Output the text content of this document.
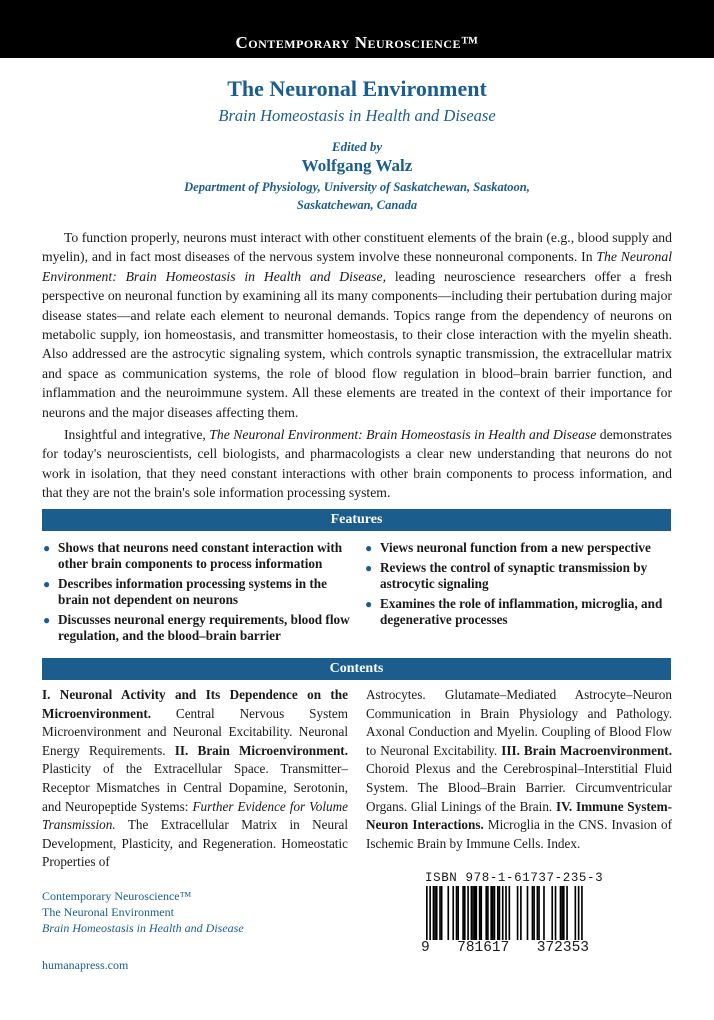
Contemporary Neuroscience™
The Neuronal Environment
Brain Homeostasis in Health and Disease
Edited by
Wolfgang Walz
Department of Physiology, University of Saskatchewan, Saskatoon,
Saskatchewan, Canada

To function properly, neurons must interact with other constituent elements of the brain (e.g., blood supply and myelin), and in fact most diseases of the nervous system involve these nonneuronal components. In The Neuronal Environment: Brain Homeostasis in Health and Disease, leading neuroscience researchers offer a fresh perspective on neuronal function by examining all its many components—including their pertubation during major disease states—and relate each element to neuronal demands. Topics range from the dependency of neurons on metabolic supply, ion homeostasis, and transmitter homeostasis, to their close interaction with the myelin sheath. Also addressed are the astrocytic signaling system, which controls synaptic transmission, the extracellular matrix and space as communication systems, the role of blood flow regulation in blood–brain barrier function, and inflammation and the neuroimmune system. All these elements are treated in the context of their importance for neurons and the major diseases affecting them.

Insightful and integrative, The Neuronal Environment: Brain Homeostasis in Health and Disease demonstrates for today's neuroscientists, cell biologists, and pharmacologists a clear new understanding that neurons do not work in isolation, that they need constant interactions with other brain components to process information, and that they are not the brain's sole information processing system.

Features
● Shows that neurons need constant interaction with other brain components to process information
● Describes information processing systems in the brain not dependent on neurons
● Discusses neuronal energy requirements, blood flow regulation, and the blood–brain barrier
● Views neuronal function from a new perspective
● Reviews the control of synaptic transmission by astrocytic signaling
● Examines the role of inflammation, microglia, and degenerative processes
Contents
I. Neuronal Activity and Its Dependence on the Microenvironment. Central Nervous System Microenvironment and Neuronal Excitability. Neuronal Energy Requirements. II. Brain Microenvironment. Plasticity of the Extracellular Space. Transmitter–Receptor Mismatches in Central Dopamine, Serotonin, and Neuropeptide Systems: Further Evidence for Volume Transmission. The Extracellular Matrix in Neural Development, Plasticity, and Regeneration. Homeostatic Properties of
Astrocytes. Glutamate–Mediated Astrocyte–Neuron Communication in Brain Physiology and Pathology. Axonal Conduction and Myelin. Coupling of Blood Flow to Neuronal Excitability. III. Brain Macroenvironment. Choroid Plexus and the Cerebrospinal–Interstitial Fluid System. The Blood–Brain Barrier. Circumventricular Organs. Glial Linings of the Brain. IV. Immune System-Neuron Interactions. Microglia in the CNS. Invasion of Ischemic Brain by Immune Cells. Index.
Contemporary Neuroscience™
The Neuronal Environment
Brain Homeostasis in Health and Disease
humanapress.com
ISBN 978-1-61737-235-3
9 781617 372353
